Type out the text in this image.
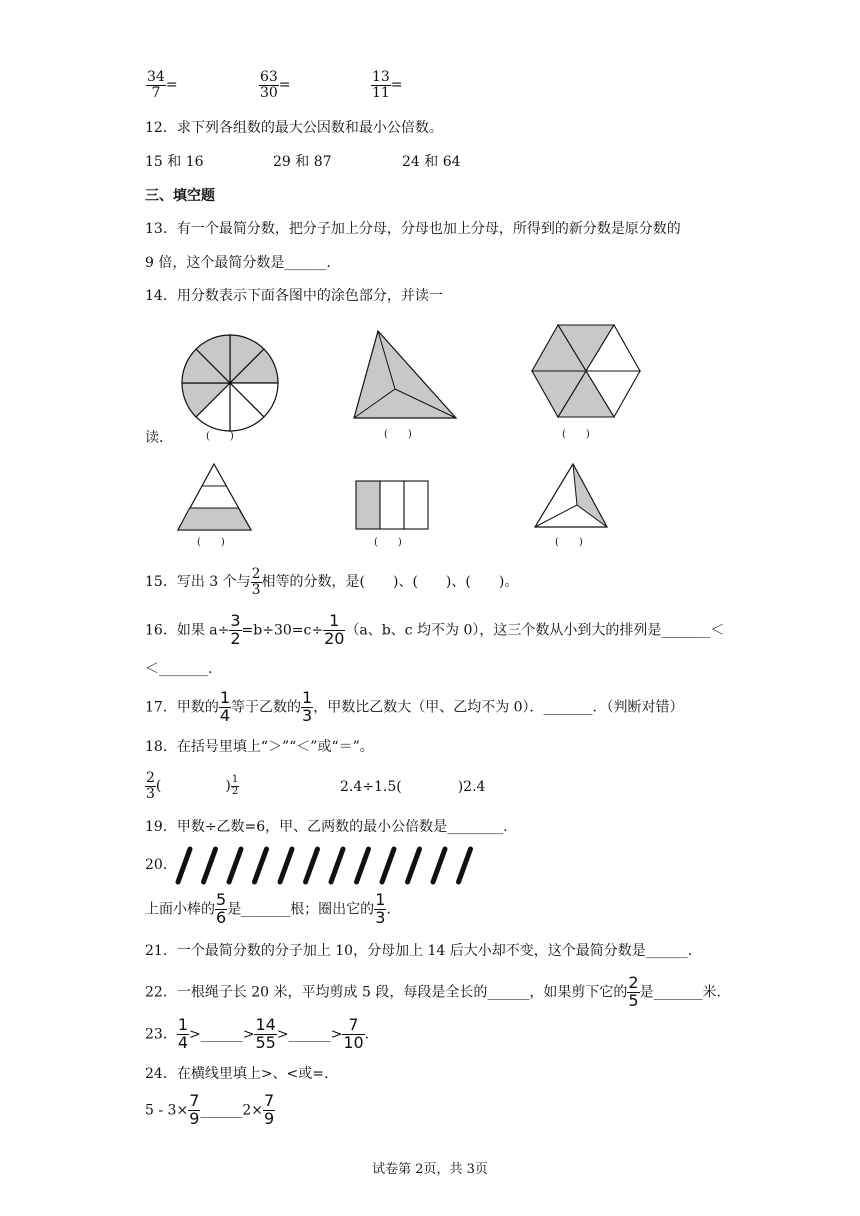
$\frac{34}{7}$ =	$\frac{63}{30}$ =	$\frac{13}{11}$ =
12．求下列各组数的最大公因数和最小公倍数。
15 和 16	29 和 87	24 和 64
三、填空题
13．有一个最简分数，把分子加上分母，分母也加上分母，所得到的新分数是原分数的
9 倍，这个最简分数是______.
14．用分数表示下面各图中的涂色部分，并读一
读．	(　　)	(　　)	(　　)
(　　)	(　　)	(　　)
15．写出 3 个与 $\frac{2}{3}$ 相等的分数，是(　　)、(　　)、(　　)。
16．如果 $a\div \frac{3}{2} =b\div 30=c\div \frac{1}{20} (a$、b、c 均不为 0），这三个数从小到大的排列是_______＜
＜_______.
17．甲数的 $\frac{1}{4}$ 等于乙数的 $\frac{1}{3}$ ，甲数比乙数大（甲、乙均不为 0）．_______．（判断对错）
18．在括号里填上“＞”“＜”或“＝”。
$\frac{2}{3}$ (	) $\frac{1}{2}$	2.4÷1.5(　　　　)2.4
19．甲数÷乙数=6，甲、乙两数的最小公倍数是________.
20．
上面小棒的 $\frac{5}{6}$ 是_______根；圈出它的 $\frac{1}{3}$ .
21．一个最简分数的分子加上 10，分母加上 14 后大小却不变，这个最简分数是______.
22．一根绳子长 20 米，平均剪成 5 段，每段是全长的______，如果剪下它的 $\frac{2}{5}$ 是_______米.
23． $\frac{1}{4}$ >______> $\frac{14}{55}$ >______> $\frac{7}{10}$ .
24．在横线里填上>、<或=.
$5 - 3\times \frac{7}{9}$ ______2× $\frac{7}{9}$
试卷第 2页，共 3页
